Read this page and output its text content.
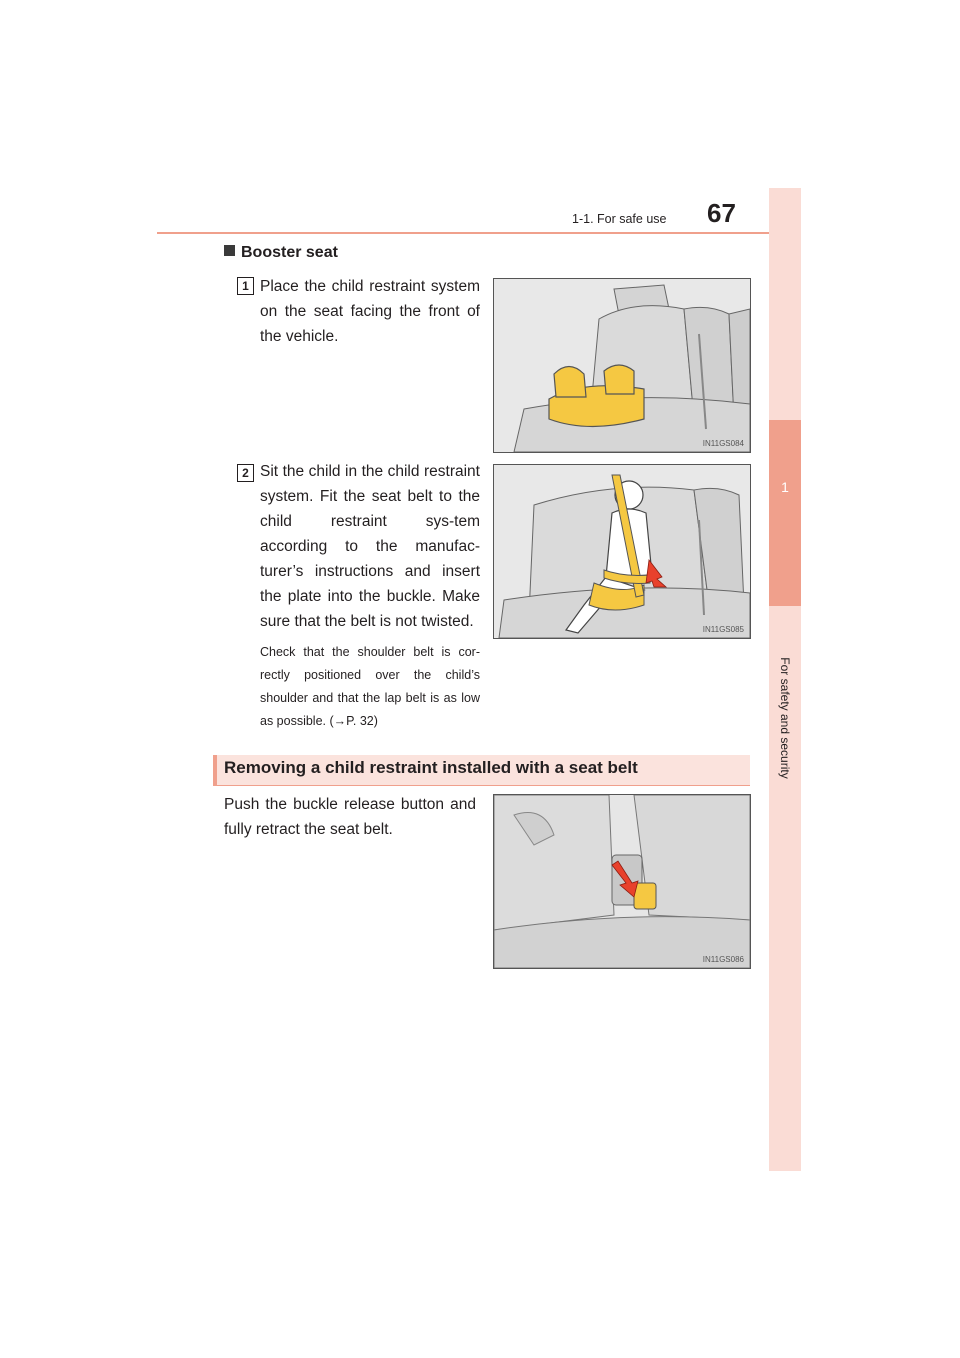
1-1. For safe use 67
1
For safety and security
Booster seat
1 Place the child restraint system on the seat facing the front of the vehicle.
IN11GS084
2 Sit the child in the child restraint system. Fit the seat belt to the child restraint sys-tem according to the manufac-turer’s instructions and insert the plate into the buckle. Make sure that the belt is not twisted.
Check that the shoulder belt is cor-rectly positioned over the child’s shoulder and that the lap belt is as low as possible. (→P. 32)
IN11GS085
Removing a child restraint installed with a seat belt
Push the buckle release button and fully retract the seat belt.
IN11GS086
